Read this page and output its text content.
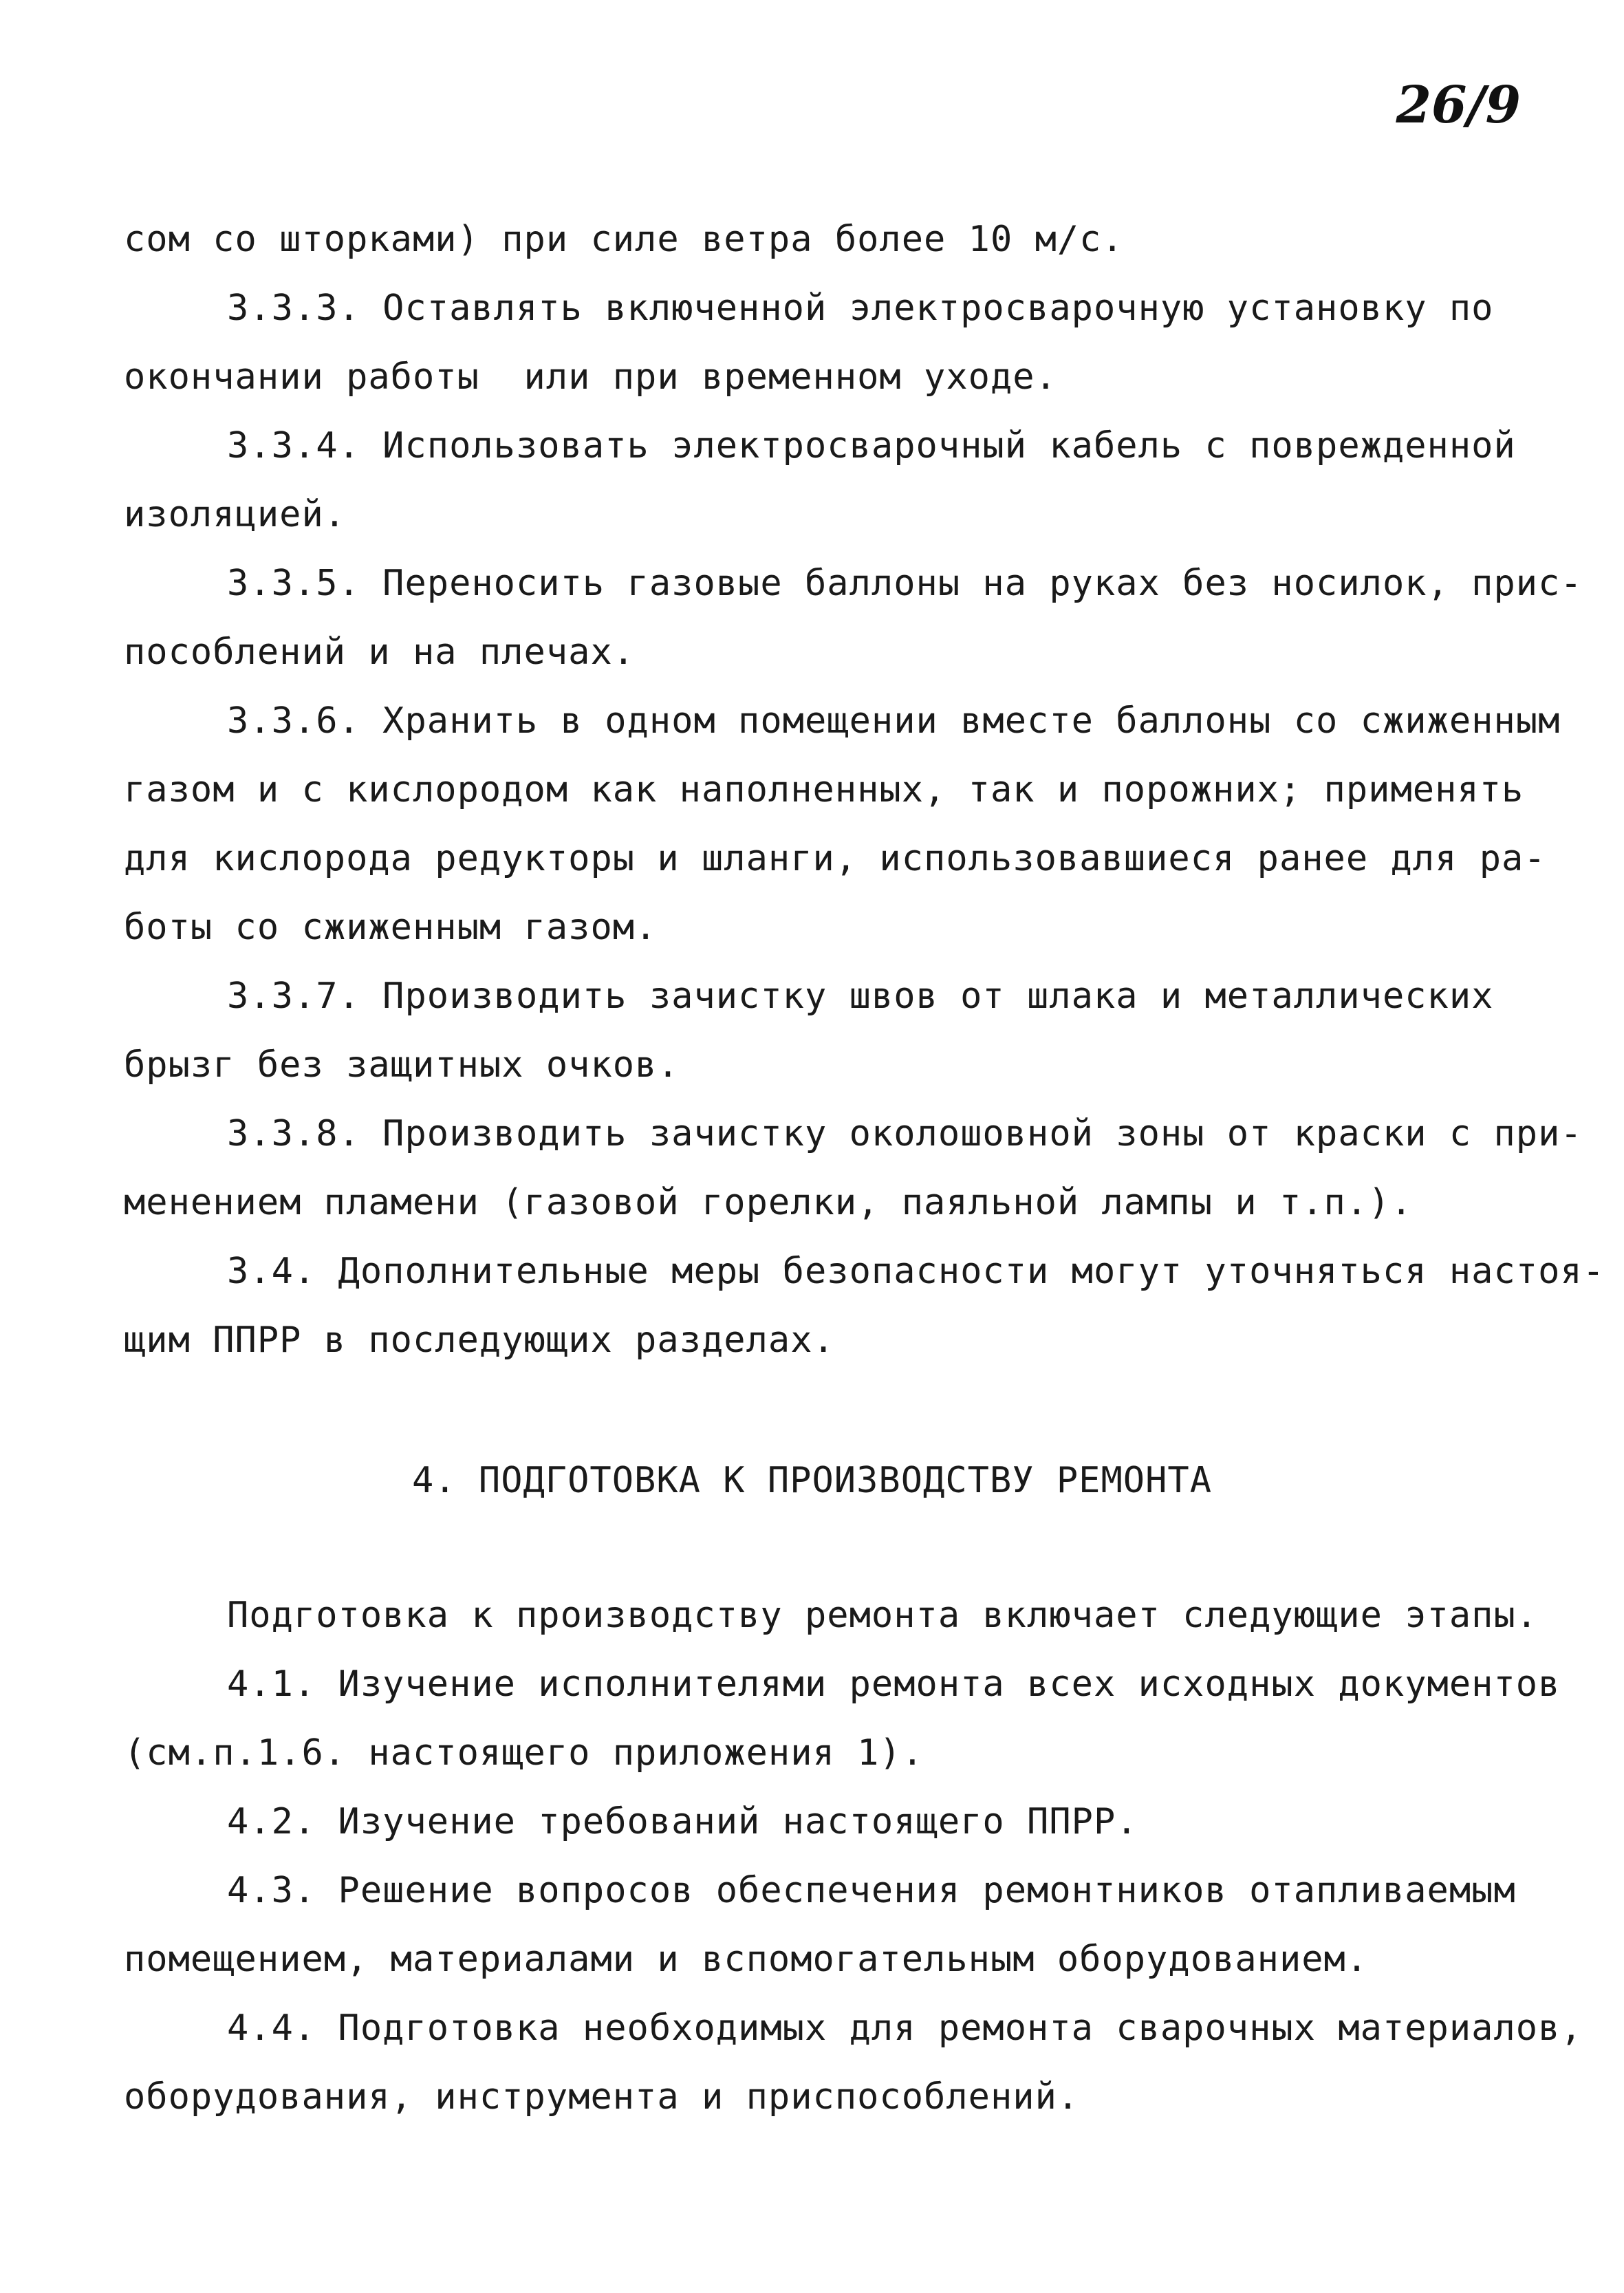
26/9
сом со шторками) при силе ветра более 10 м/с.
3.3.3. Оставлять включенной электросварочную установку по
окончании работы  или при временном уходе.
3.3.4. Использовать электросварочный кабель с поврежденной
изоляцией.
3.3.5. Переносить газовые баллоны на руках без носилок, прис-
пособлений и на плечах.
3.3.6. Хранить в одном помещении вместе баллоны со сжиженным
газом и с кислородом как наполненных, так и порожних; применять
для кислорода редукторы и шланги, использовавшиеся ранее для ра-
боты со сжиженным газом.
3.3.7. Производить зачистку швов от шлака и металлических
брызг без защитных очков.
3.3.8. Производить зачистку околошовной зоны от краски с при-
менением пламени (газовой горелки, паяльной лампы и т.п.).
3.4. Дополнительные меры безопасности могут уточняться настоя-
щим ППРР в последующих разделах.
4. ПОДГОТОВКА К ПРОИЗВОДСТВУ РЕМОНТА
Подготовка к производству ремонта включает следующие этапы.
4.1. Изучение исполнителями ремонта всех исходных документов
(см.п.1.6. настоящего приложения 1).
4.2. Изучение требований настоящего ППРР.
4.3. Решение вопросов обеспечения ремонтников отапливаемым
помещением, материалами и вспомогательным оборудованием.
4.4. Подготовка необходимых для ремонта сварочных материалов,
оборудования, инструмента и приспособлений.
